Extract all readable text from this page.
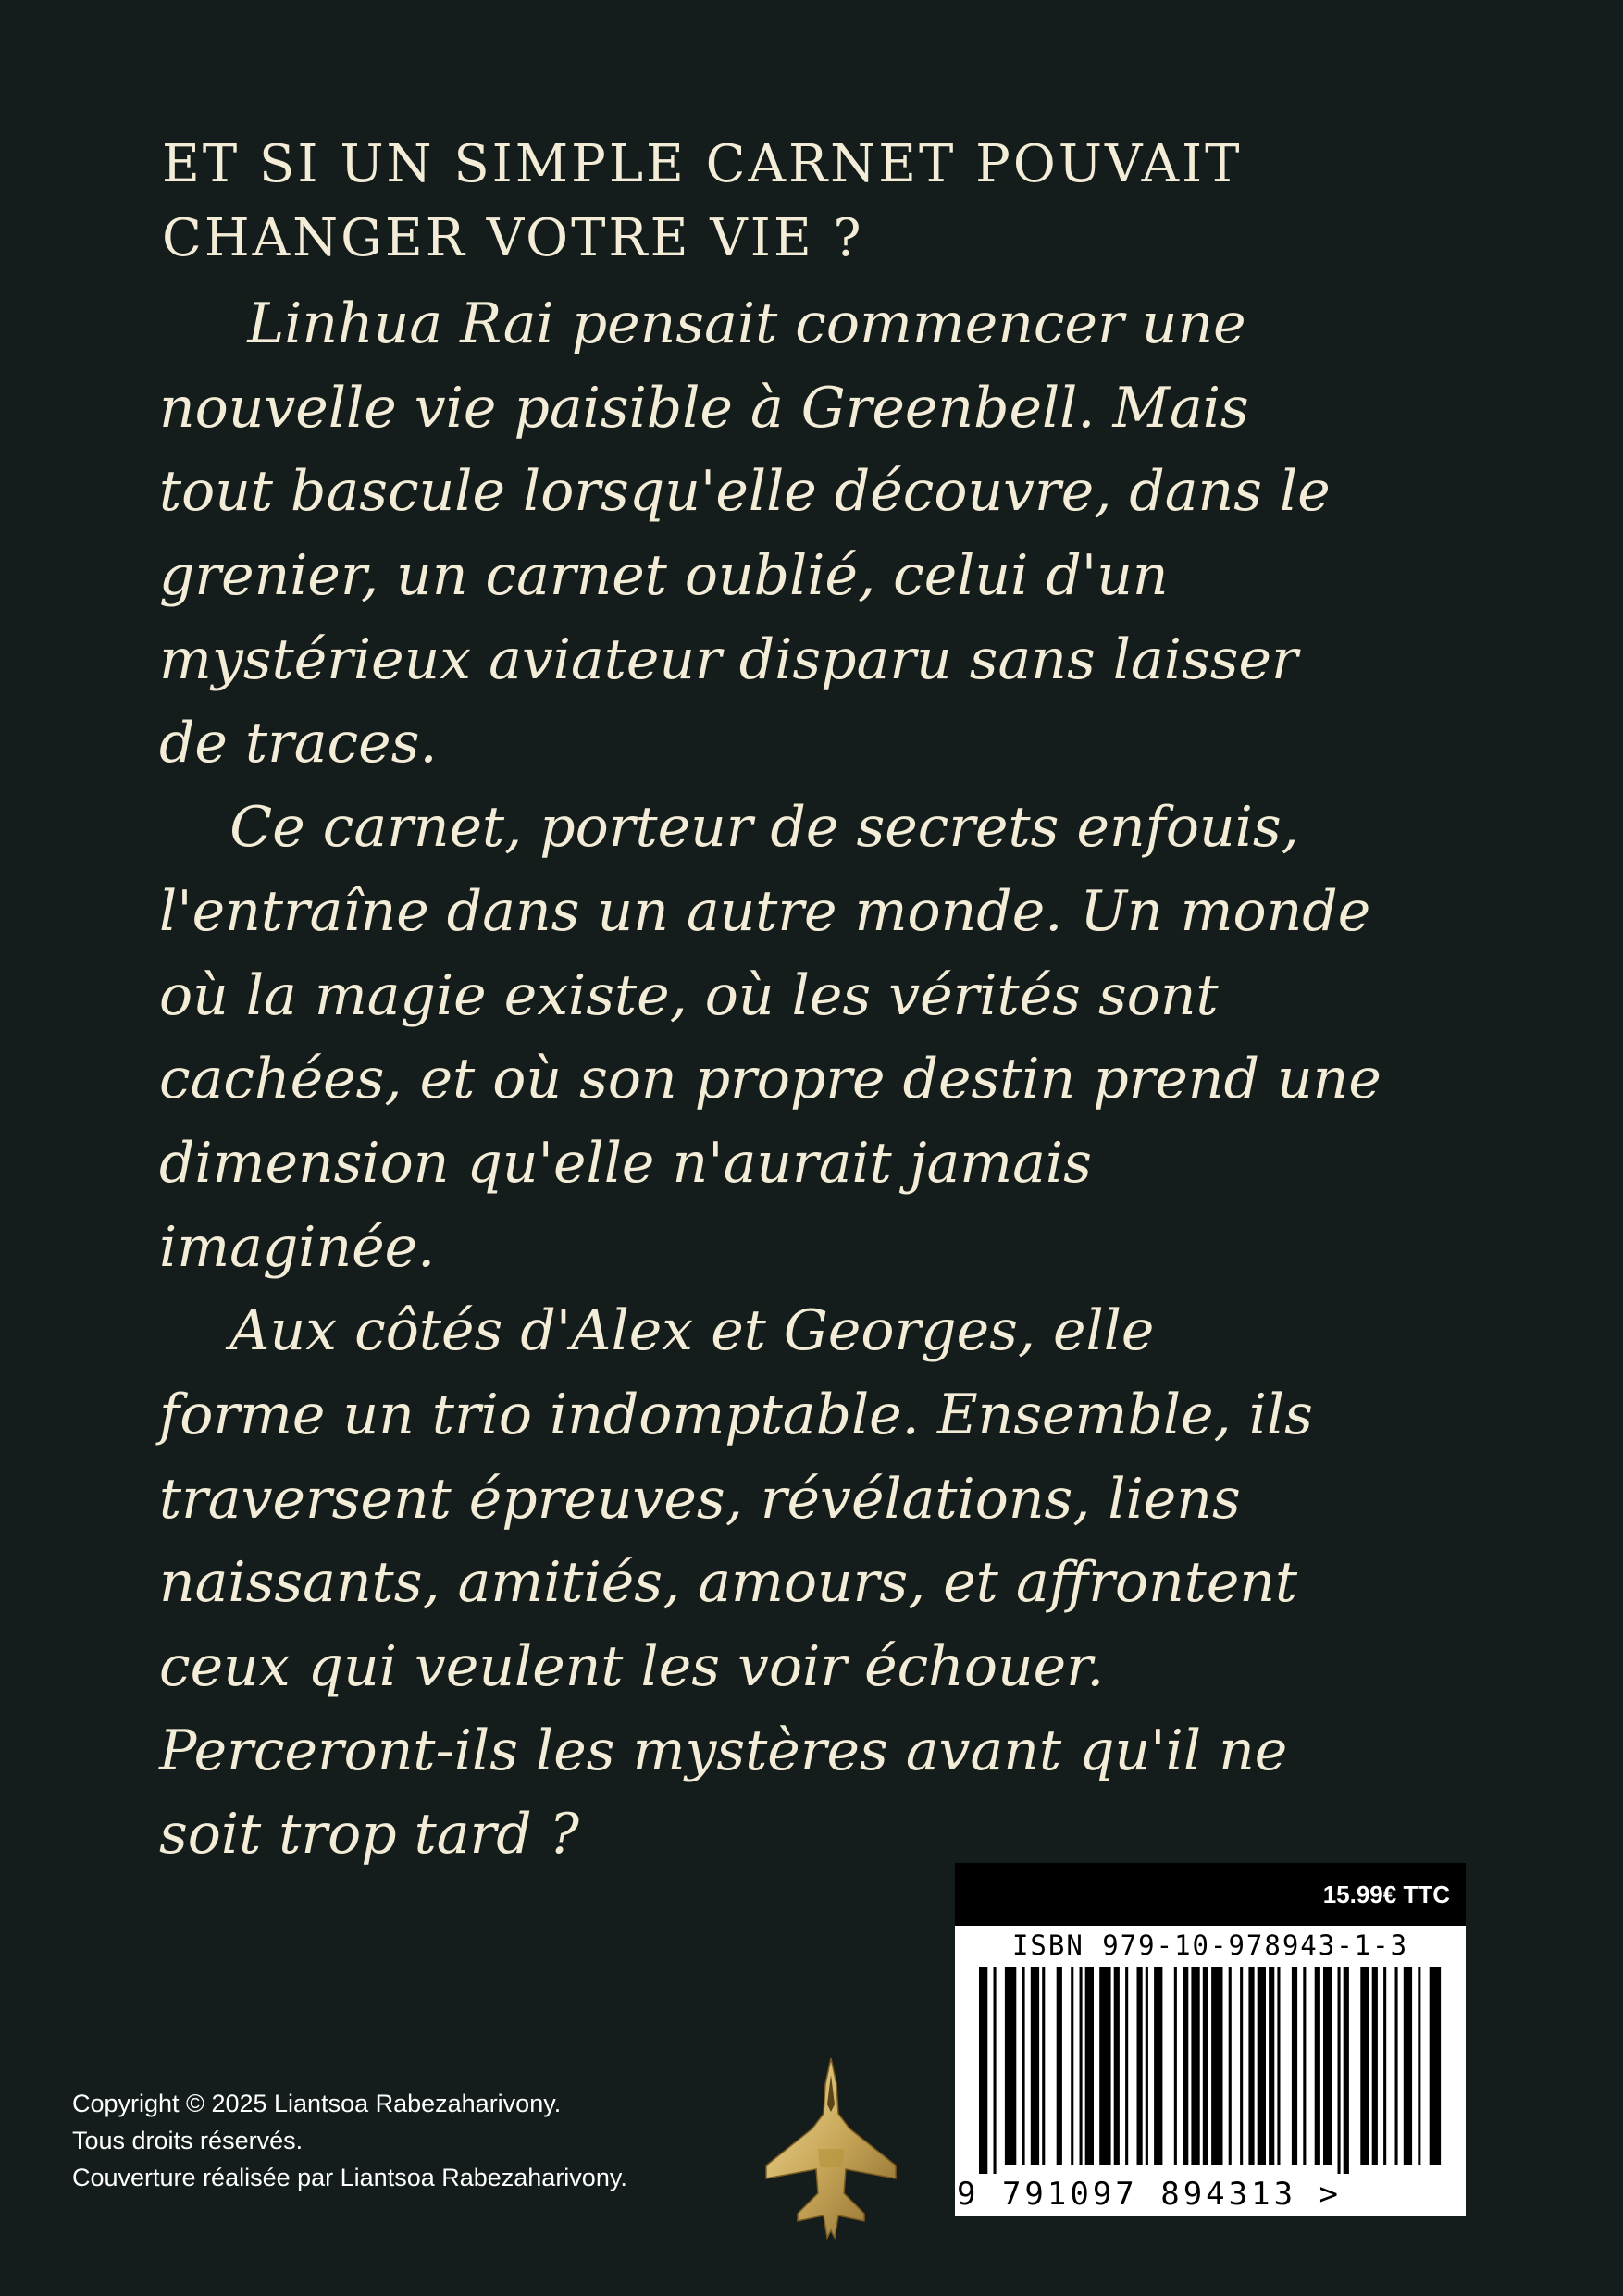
ET SI UN SIMPLE CARNET POUVAIT
CHANGER VOTRE VIE ?
Linhua Rai pensait commencer une
nouvelle vie paisible à Greenbell. Mais
tout bascule lorsqu'elle découvre, dans le
grenier, un carnet oublié, celui d'un
mystérieux aviateur disparu sans laisser
de traces.
Ce carnet, porteur de secrets enfouis,
l'entraîne dans un autre monde. Un monde
où la magie existe, où les vérités sont
cachées, et où son propre destin prend une
dimension qu'elle n'aurait jamais
imaginée.
Aux côtés d'Alex et Georges, elle
forme un trio indomptable. Ensemble, ils
traversent épreuves, révélations, liens
naissants, amitiés, amours, et affrontent
ceux qui veulent les voir échouer.
Perceront-ils les mystères avant qu'il ne
soit trop tard ?
15.99€ TTC
ISBN 979-10-978943-1-3
9 791097 894313 >
Copyright © 2025 Liantsoa Rabezaharivony.
Tous droits réservés.
Couverture réalisée par Liantsoa Rabezaharivony.
